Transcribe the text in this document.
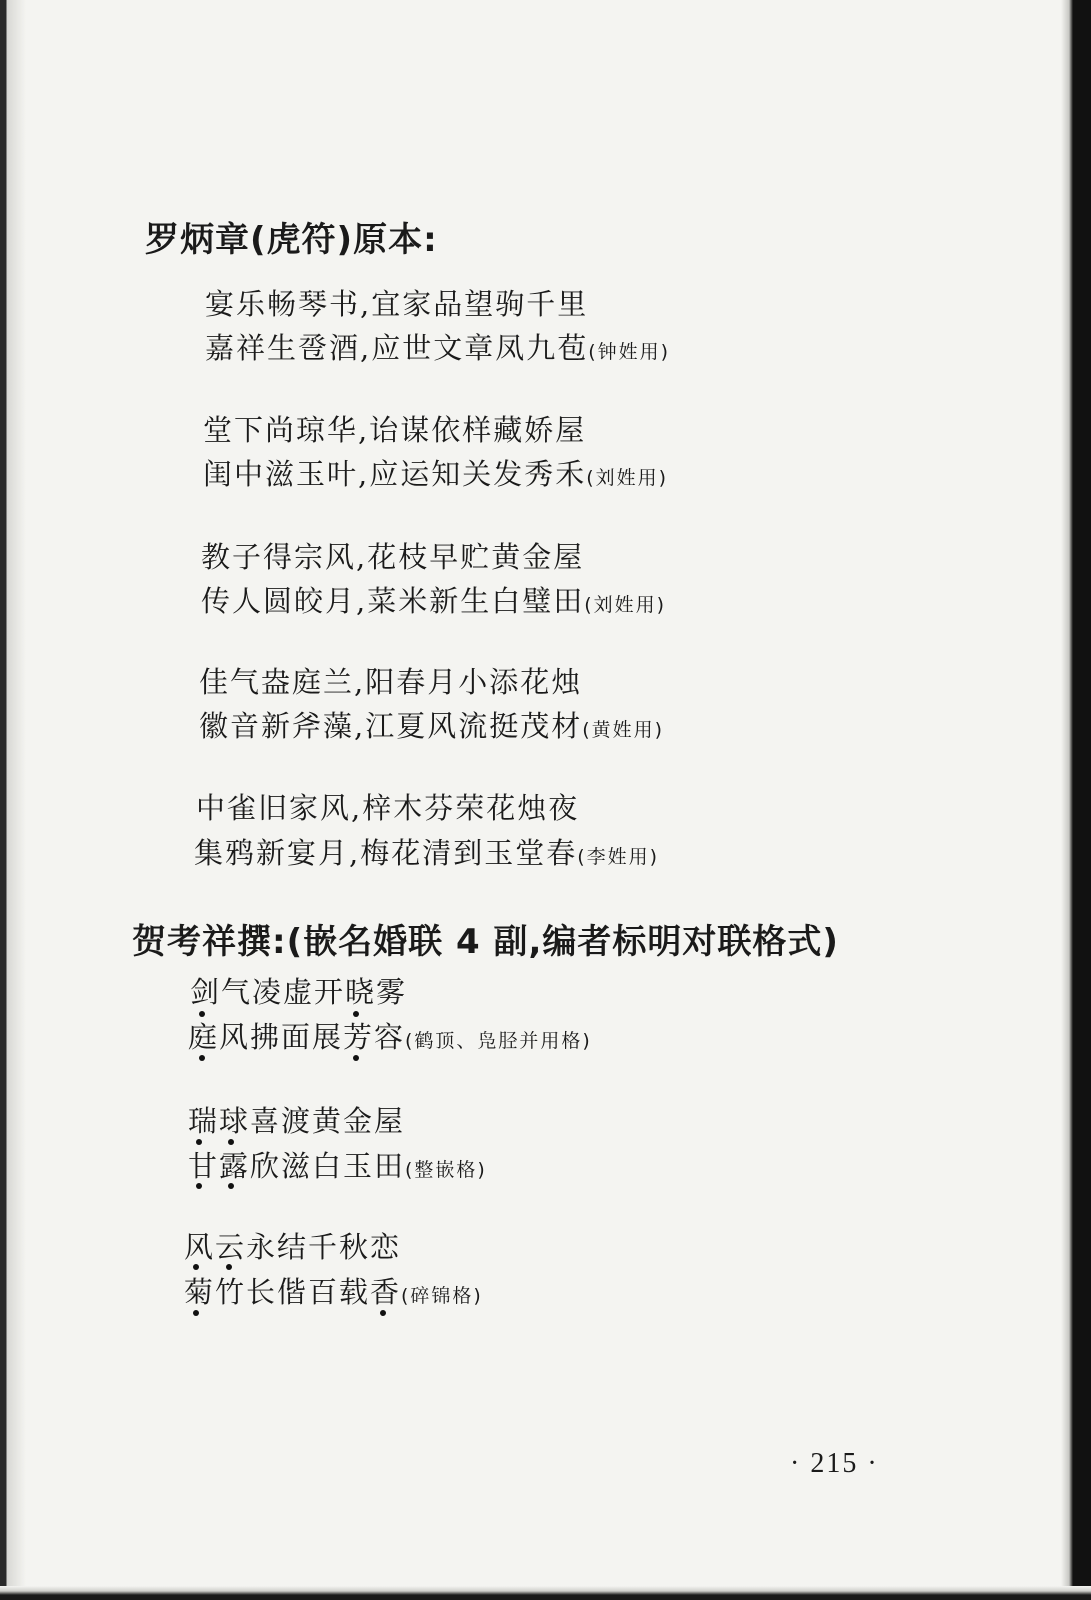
罗炳章(虎符)原本:
宴乐畅琴书,宜家品望驹千里
嘉祥生卺酒,应世文章凤九苞(钟姓用)
堂下尚琼华,诒谋依样藏娇屋
闺中滋玉叶,应运知关发秀禾(刘姓用)
教子得宗风,花枝早贮黄金屋
传人圆皎月,菜米新生白璧田(刘姓用)
佳气盎庭兰,阳春月小添花烛
徽音新斧藻,江夏风流挺茂材(黄姓用)
中雀旧家风,梓木芬荣花烛夜
集鸦新宴月,梅花清到玉堂春(李姓用)
贺考祥撰:(嵌名婚联 4 副,编者标明对联格式)
剑气凌虚开晓雾
庭风拂面展芳容(鹤顶、凫胫并用格)
瑞球喜渡黄金屋
甘露欣滋白玉田(整嵌格)
风云永结千秋恋
菊竹长偕百载香(碎锦格)
· 215 ·
